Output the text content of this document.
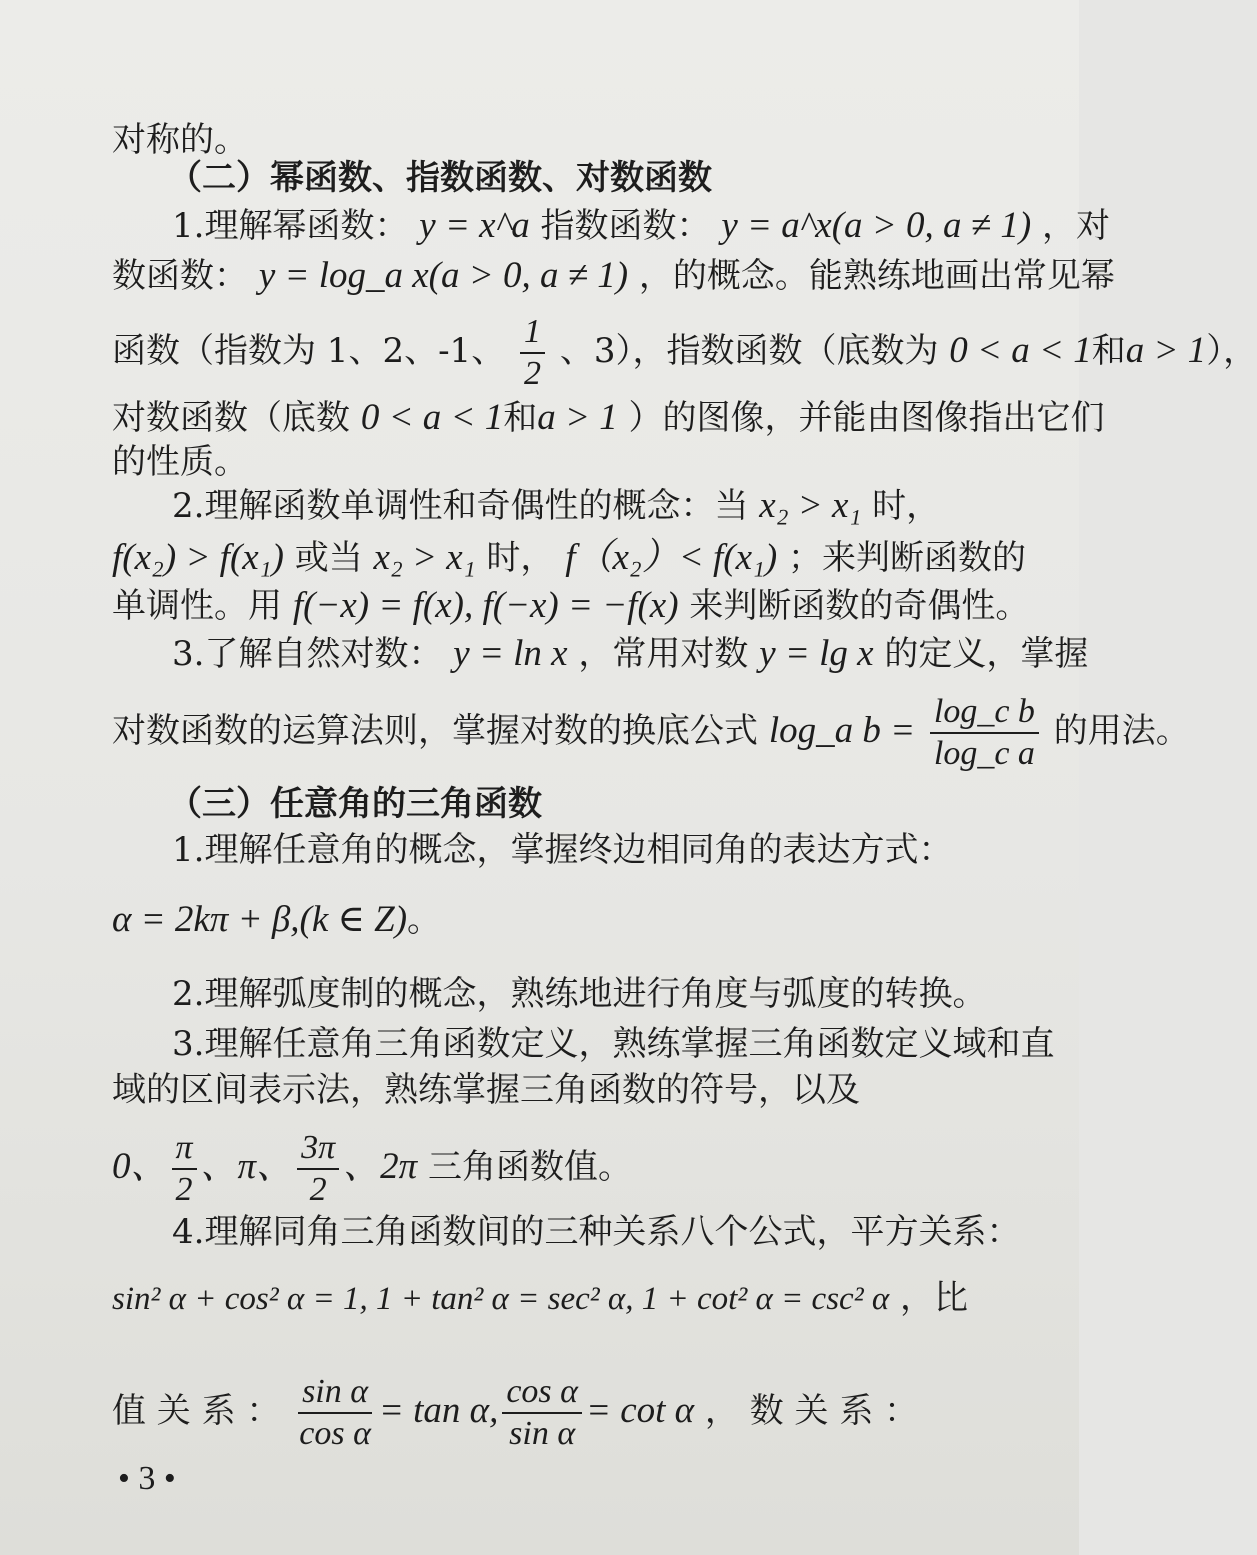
对称的。
（二）幂函数、指数函数、对数函数
1.理解幂函数： y = x^a 指数函数： y = a^x(a > 0, a ≠ 1) ，对
数函数： y = log_a x(a > 0, a ≠ 1) ，的概念。能熟练地画出常见幂
函数（指数为 1、2、-1、 $\frac{1}{2}$ 、3），指数函数（底数为 0 < a < 1和a > 1），
对数函数（底数 0 < a < 1和a > 1 ）的图像，并能由图像指出它们
的性质。
2.理解函数单调性和奇偶性的概念：当 x₂ > x₁ 时，
f(x₂) > f(x₁) 或当 x₂ > x₁ 时， f（x₂）< f(x₁) ；来判断函数的
单调性。用 f(−x) = f(x), f(−x) = −f(x) 来判断函数的奇偶性。
3.了解自然对数： y = ln x ，常用对数 y = lg x 的定义，掌握
对数函数的运算法则，掌握对数的换底公式 log_a $b = \frac{\text{log\_c b}}{\text{log\_c a}}$ 的用法。
（三）任意角的三角函数
1.理解任意角的概念，掌握终边相同角的表达方式：
α = 2kπ + β,(k ∈ Z)。
2.理解弧度制的概念，熟练地进行角度与弧度的转换。
3.理解任意角三角函数定义，熟练掌握三角函数定义域和直
域的区间表示法，熟练掌握三角函数的符号，以及
0、 $\frac{\pi}{2}$ 、π、 $\frac{3\pi}{2}$ 、2π 三角函数值。
4.理解同角三角函数间的三种关系八个公式，平方关系：
sin² α + cos² α = 1, 1 + tan² α = sec² α, 1 + cot² α = csc² α ，比
值 关 系 ： $\frac{\text{sin α}}{\text{cos α}} = \tan \alpha$, $\frac{\text{cos α}}{\text{sin α}} = \cot \alpha$ ， 数 关 系 ：
• 3 •
